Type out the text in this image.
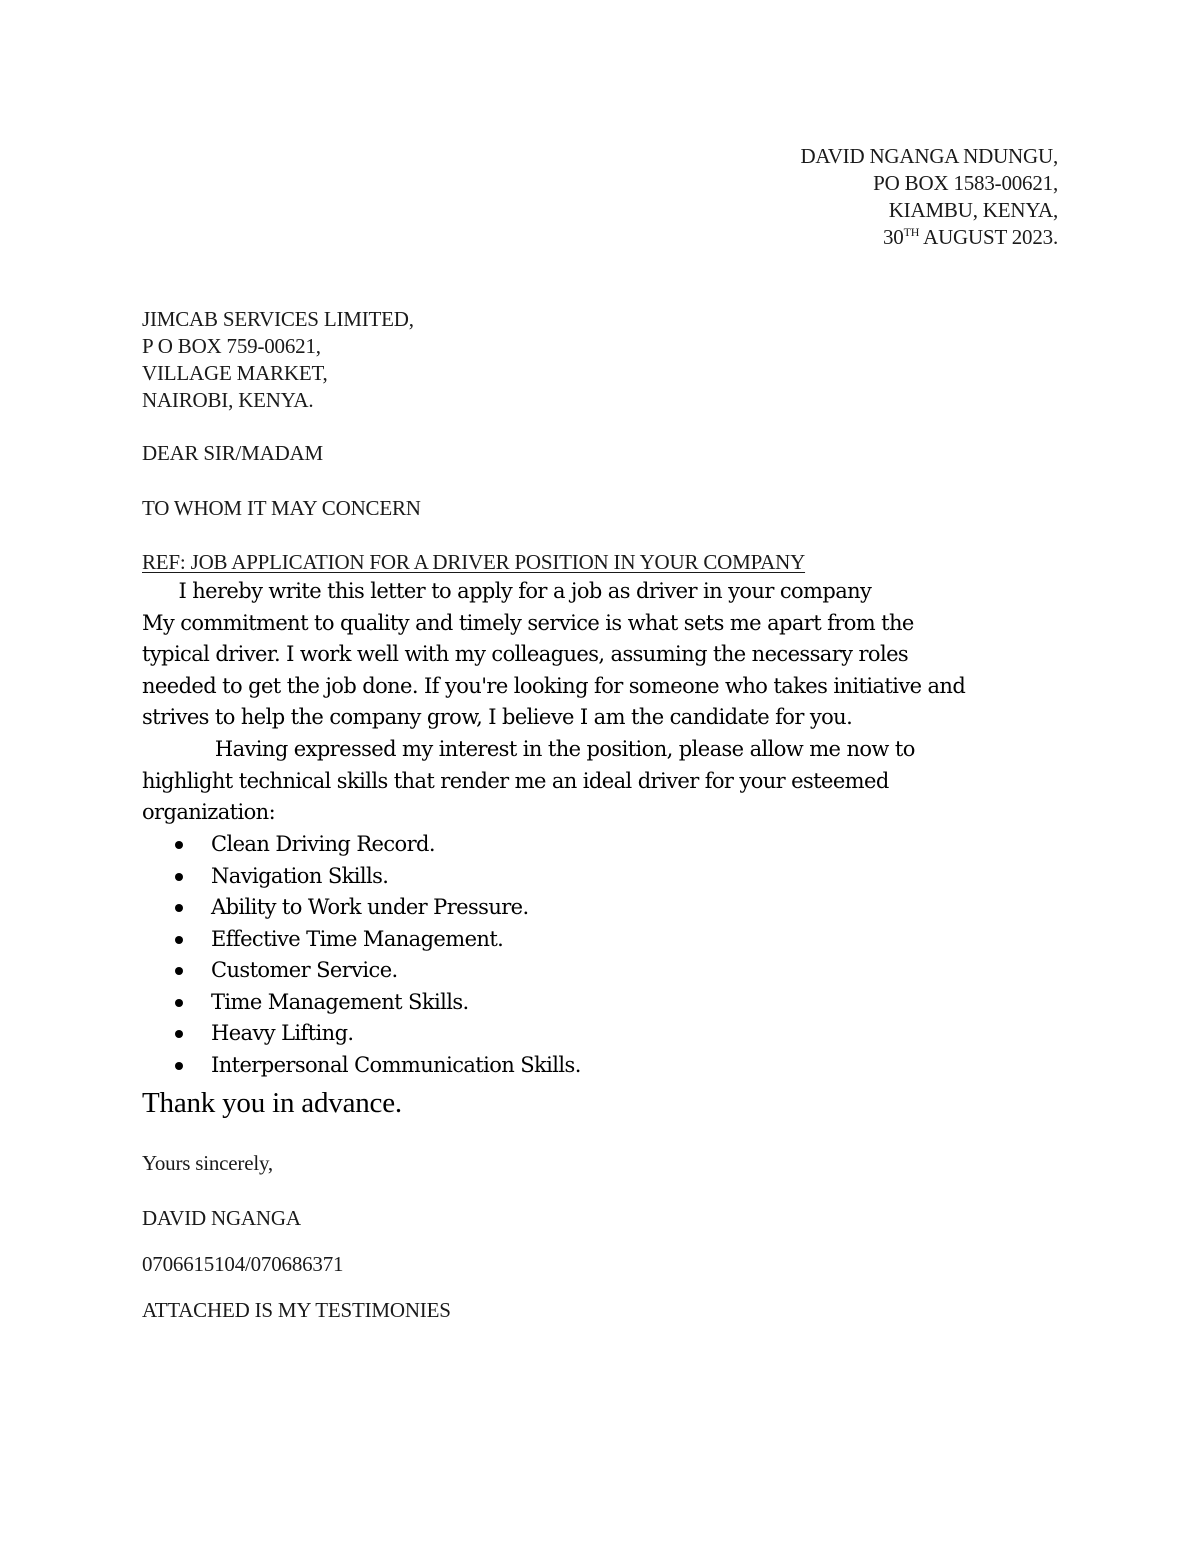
DAVID NGANGA NDUNGU,
PO BOX 1583-00621,
KIAMBU, KENYA,
30TH AUGUST 2023.
JIMCAB SERVICES LIMITED,
P O BOX 759-00621,
VILLAGE MARKET,
NAIROBI, KENYA.
DEAR SIR/MADAM
TO WHOM IT MAY CONCERN
REF: JOB APPLICATION FOR A DRIVER POSITION IN YOUR COMPANY
I hereby write this letter to apply for a job as driver in your company
My commitment to quality and timely service is what sets me apart from the
typical driver. I work well with my colleagues, assuming the necessary roles
needed to get the job done. If you're looking for someone who takes initiative and
strives to help the company grow, I believe I am the candidate for you.
Having expressed my interest in the position, please allow me now to
highlight technical skills that render me an ideal driver for your esteemed
organization:
Clean Driving Record.
Navigation Skills.
Ability to Work under Pressure.
Effective Time Management.
Customer Service.
Time Management Skills.
Heavy Lifting.
Interpersonal Communication Skills.
Thank you in advance.
Yours sincerely,
DAVID NGANGA
0706615104/070686371
ATTACHED IS MY TESTIMONIES
